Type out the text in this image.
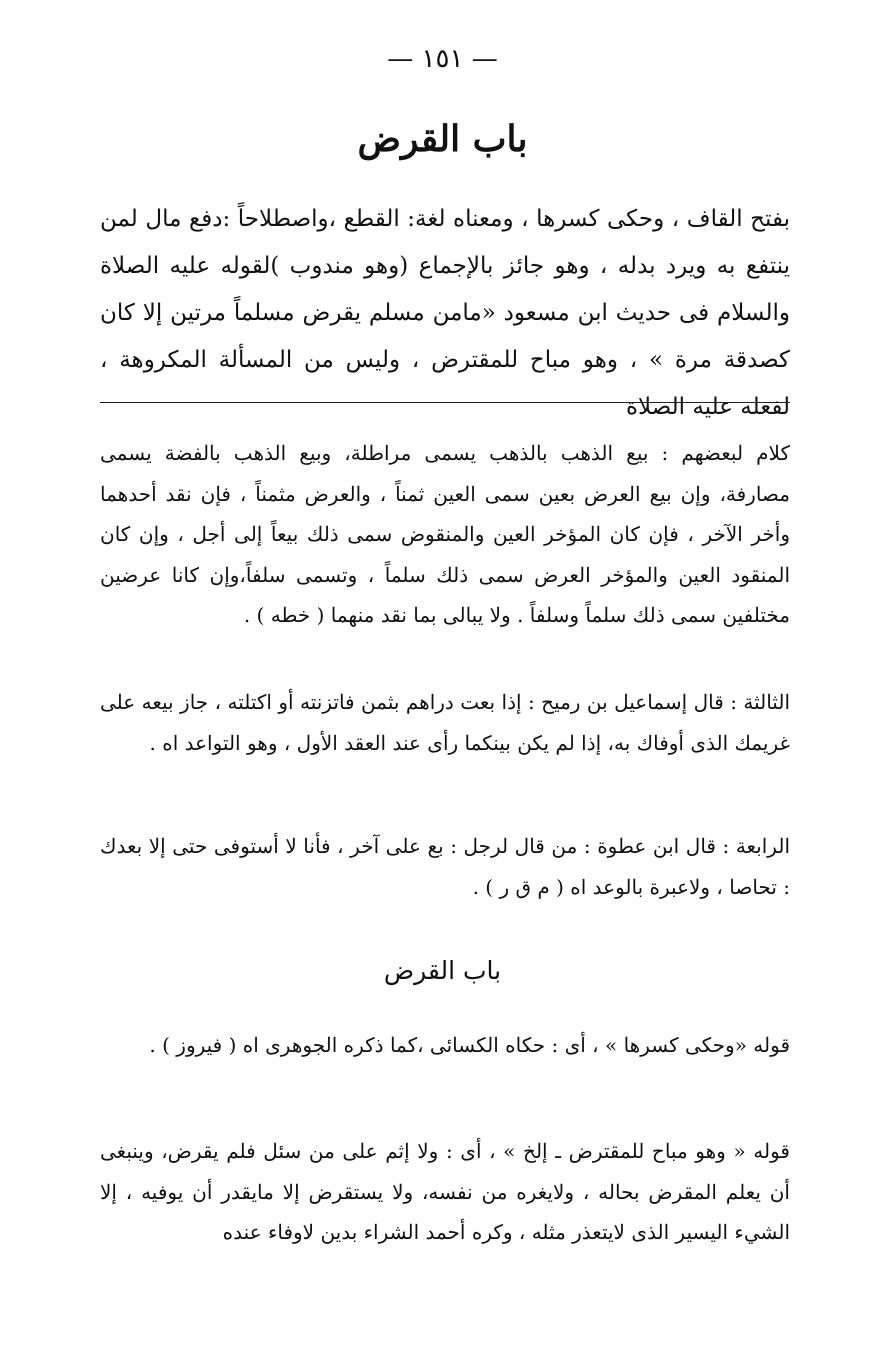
— ١٥١ —
باب القرض

بفتح القاف ، وحكى كسرها ، ومعناه لغة: القطع ،واصطلاحاً :دفع مال لمن ينتفع به ويرد بدله ، وهو جائز بالإجماع (وهو مندوب )لقوله عليه الصلاة والسلام فى حديث ابن مسعود «مامن مسلم يقرض مسلماً مرتين إلا كان كصدقة مرة » ، وهو مباح للمقترض ، وليس من المسألة المكروهة ، لفعله عليه الصلاة

كلام لبعضهم : بيع الذهب بالذهب يسمى مراطلة، وبيع الذهب بالفضة يسمى مصارفة، وإن بيع العرض بعين سمى العين ثمناً ، والعرض مثمناً ، فإن نقد أحدهما وأخر الآخر ، فإن كان المؤخر العين والمنقوض سمى ذلك بيعاً إلى أجل ، وإن كان المنقود العين والمؤخر العرض سمى ذلك سلماً ، وتسمى سلفاً،وإن كانا عرضين مختلفين سمى ذلك سلماً وسلفاً . ولا يبالى بما نقد منهما ( خطه ) .

الثالثة : قال إسماعيل بن رميح : إذا بعت دراهم بثمن فاتزنته أو اكتلته ، جاز بيعه على غريمك الذى أوفاك به، إذا لم يكن بينكما رأى عند العقد الأول ، وهو التواعد اه .

الرابعة : قال ابن عطوة : من قال لرجل : بع على آخر ، فأنا لا أستوفى حتى إلا بعدك : تحاصا ، ولاعبرة بالوعد اه ( م ق ر ) .

باب القرض

قوله «وحكى كسرها » ، أى : حكاه الكسائى ،كما ذكره الجوهرى اه ( فيروز ) .

قوله « وهو مباح للمقترض ـ إلخ » ، أى : ولا إثم على من سئل فلم يقرض، وينبغى أن يعلم المقرض بحاله ، ولايغره من نفسه، ولا يستقرض إلا مايقدر أن يوفيه ، إلا الشيء اليسير الذى لايتعذر مثله ، وكره أحمد الشراء بدين لاوفاء عنده
